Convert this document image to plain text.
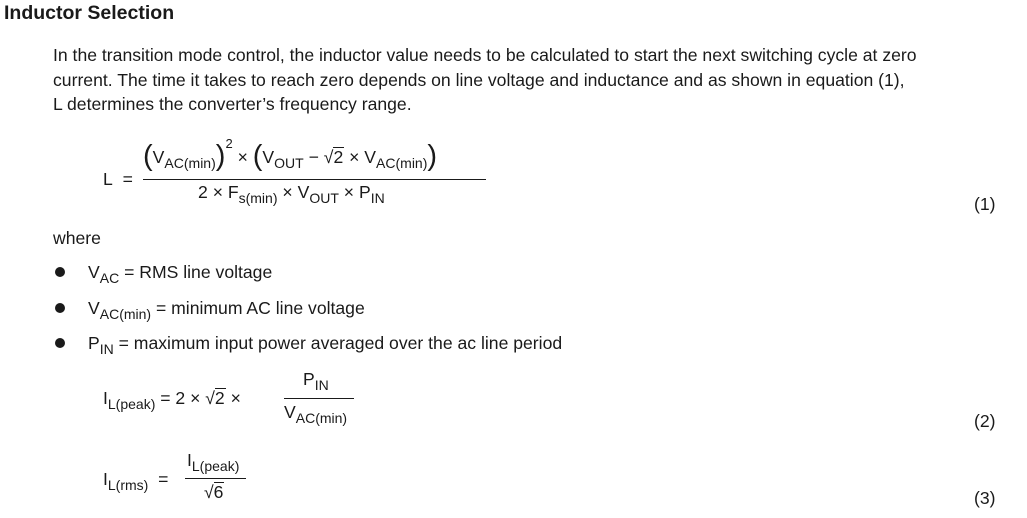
Inductor Selection
In the transition mode control, the inductor value needs to be calculated to start the next switching cycle at zero
current. The time it takes to reach zero depends on line voltage and inductance and as shown in equation (1),
L determines the converter’s frequency range.
L =
$(V_{AC(min)})^2 \times (V_{OUT} - √2 \times V_{AC(min)})$
$2 \times F_{s(min)} \times V_{OUT} \times P_{IN}$	(1)
where
$V_{AC}$ = RMS line voltage
$V_{AC(min)}$ = minimum AC line voltage
$P_{IN}$ = maximum input power averaged over the ac line period
$I_{L(peak)} = 2 \times √2$ ×
$P_{IN}$
$V_{AC(min)}$	(2)
$I_{L(rms)}$ =
$I_{L(peak)}$
√6	(3)
